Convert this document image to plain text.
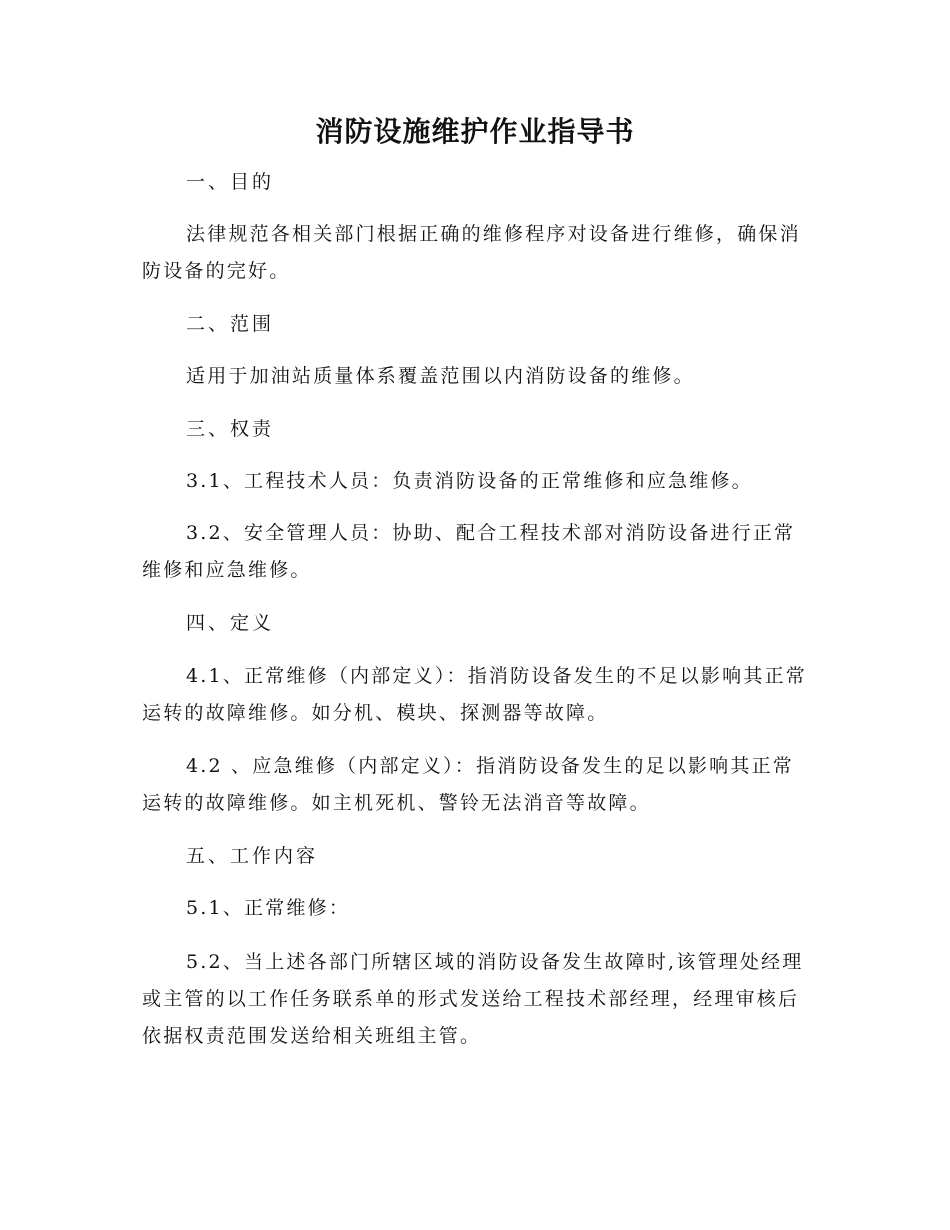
消防设施维护作业指导书

一、目的

法律规范各相关部门根据正确的维修程序对设备进行维修，确保消防设备的完好。

二、范围

适用于加油站质量体系覆盖范围以内消防设备的维修。

三、权责

3.1、工程技术人员：负责消防设备的正常维修和应急维修。

3.2、安全管理人员：协助、配合工程技术部对消防设备进行正常维修和应急维修。

四、定义

4.1、正常维修（内部定义）：指消防设备发生的不足以影响其正常运转的故障维修。如分机、模块、探测器等故障。

4.2 、应急维修（内部定义）：指消防设备发生的足以影响其正常运转的故障维修。如主机死机、警铃无法消音等故障。

五、工作内容

5.1、正常维修：

5.2、当上述各部门所辖区域的消防设备发生故障时,该管理处经理或主管的以工作任务联系单的形式发送给工程技术部经理，经理审核后依据权责范围发送给相关班组主管。
